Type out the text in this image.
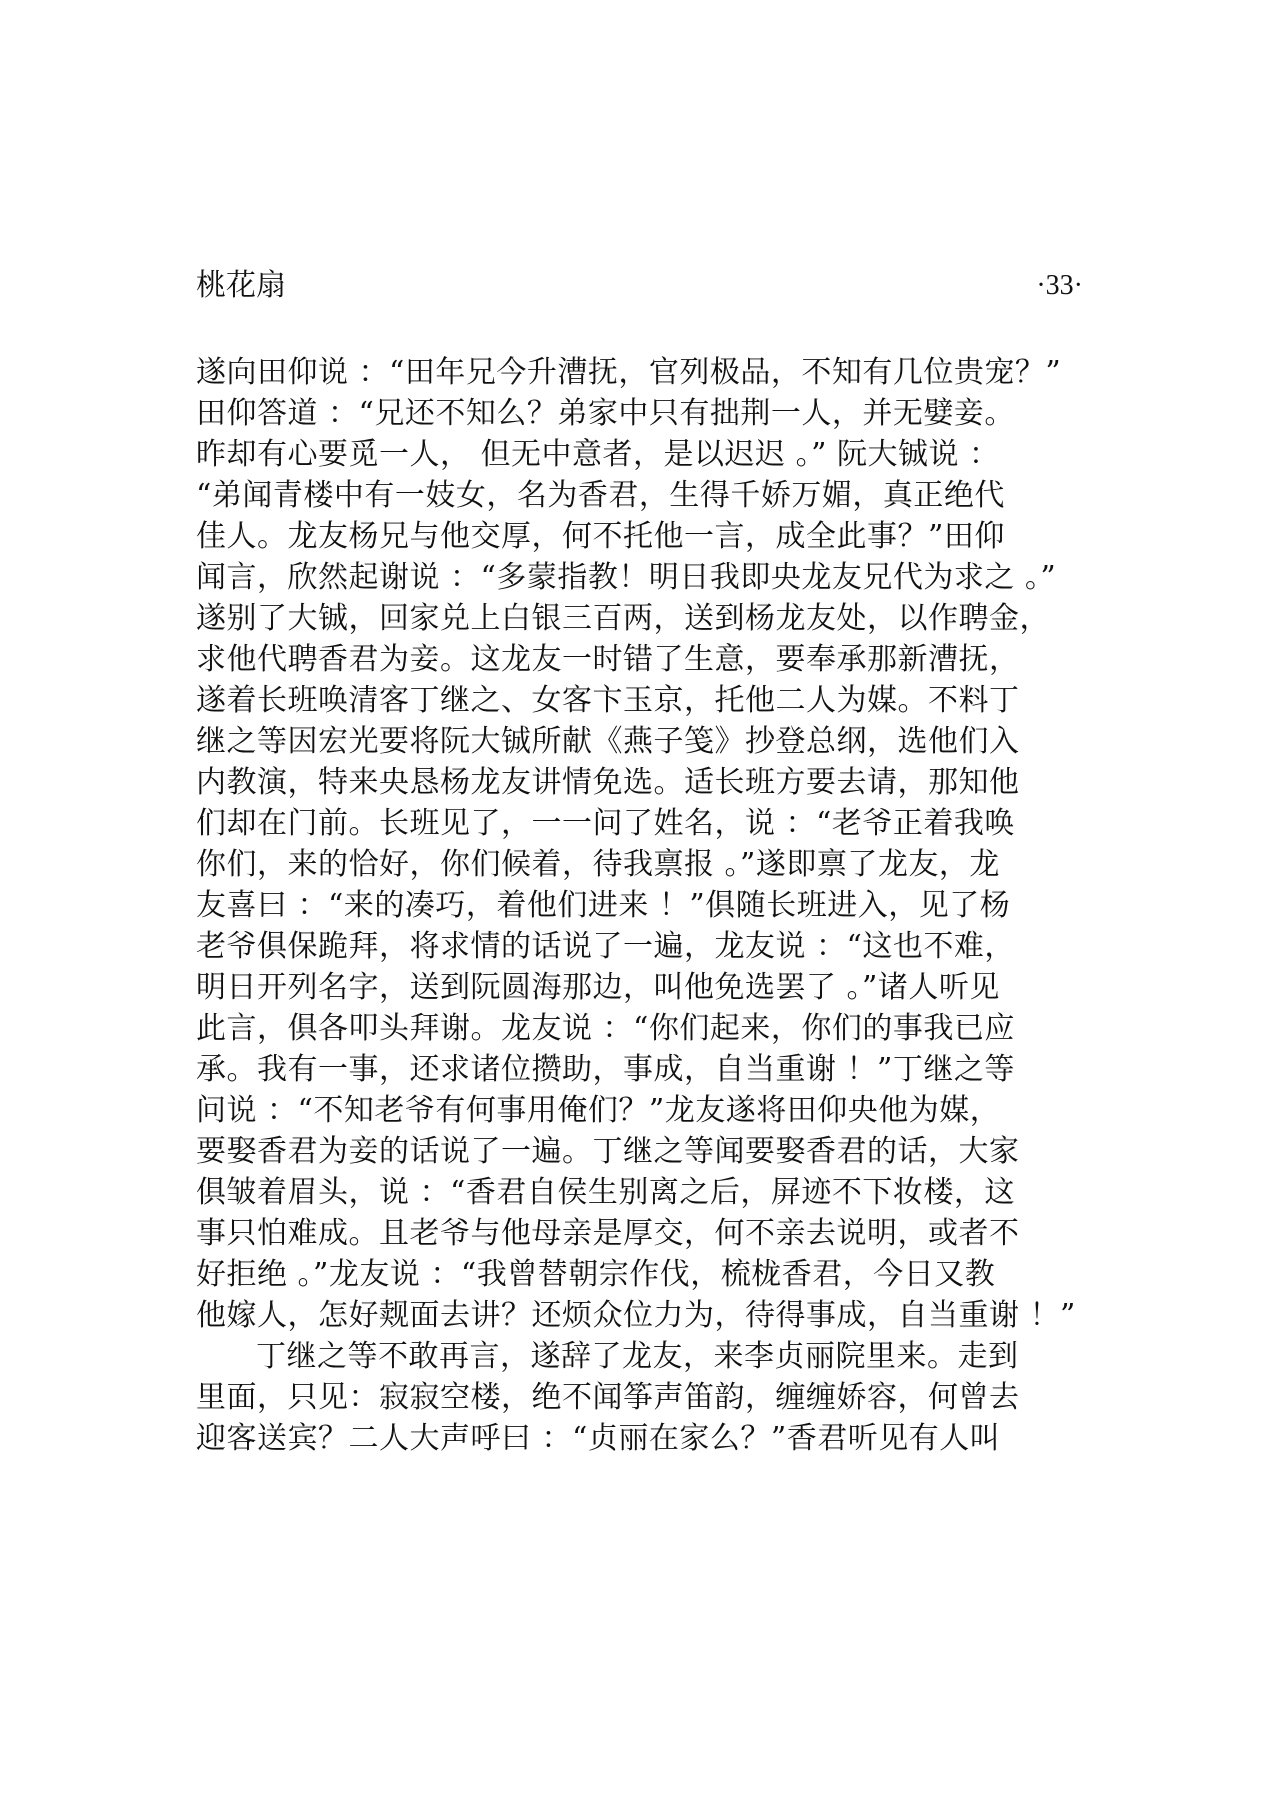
桃花扇	·33·
遂向田仰说 ：“田年兄今升漕抚，官列极品，不知有几位贵宠？”
田仰答道 ：“兄还不知么？弟家中只有拙荆一人，并无嬖妾。
昨却有心要觅一人， 但无中意者，是以迟迟 。” 阮大铖说 ：
“弟闻青楼中有一妓女，名为香君，生得千娇万媚，真正绝代
佳人。龙友杨兄与他交厚，何不托他一言，成全此事？”田仰
闻言，欣然起谢说 ：“多蒙指教！明日我即央龙友兄代为求之 。”
遂别了大铖，回家兑上白银三百两，送到杨龙友处，以作聘金，
求他代聘香君为妾。这龙友一时错了生意，要奉承那新漕抚，
遂着长班唤清客丁继之、女客卞玉京，托他二人为媒。不料丁
继之等因宏光要将阮大铖所献《燕子笺》抄登总纲，选他们入
内教演，特来央恳杨龙友讲情免选。适长班方要去请，那知他
们却在门前。长班见了，一一问了姓名，说 ：“老爷正着我唤
你们，来的恰好，你们候着，待我禀报 。”遂即禀了龙友，龙
友喜曰 ：“来的凑巧，着他们进来 ！”俱随长班进入，见了杨
老爷俱保跪拜，将求情的话说了一遍，龙友说 ：“这也不难，
明日开列名字，送到阮圆海那边，叫他免选罢了 。”诸人听见
此言，俱各叩头拜谢。龙友说 ：“你们起来，你们的事我已应
承。我有一事，还求诸位攒助，事成，自当重谢 ！”丁继之等
问说 ：“不知老爷有何事用俺们？”龙友遂将田仰央他为媒，
要娶香君为妾的话说了一遍。丁继之等闻要娶香君的话，大家
俱皱着眉头，说 ：“香君自侯生别离之后，屏迹不下妆楼，这
事只怕难成。且老爷与他母亲是厚交，何不亲去说明，或者不
好拒绝 。”龙友说 ：“我曾替朝宗作伐，梳栊香君，今日又教
他嫁人，怎好觌面去讲？还烦众位力为，待得事成，自当重谢 ！”
丁继之等不敢再言，遂辞了龙友，来李贞丽院里来。走到
里面，只见：寂寂空楼，绝不闻筝声笛韵，缠缠娇容，何曾去
迎客送宾？二人大声呼曰 ：“贞丽在家么？”香君听见有人叫
